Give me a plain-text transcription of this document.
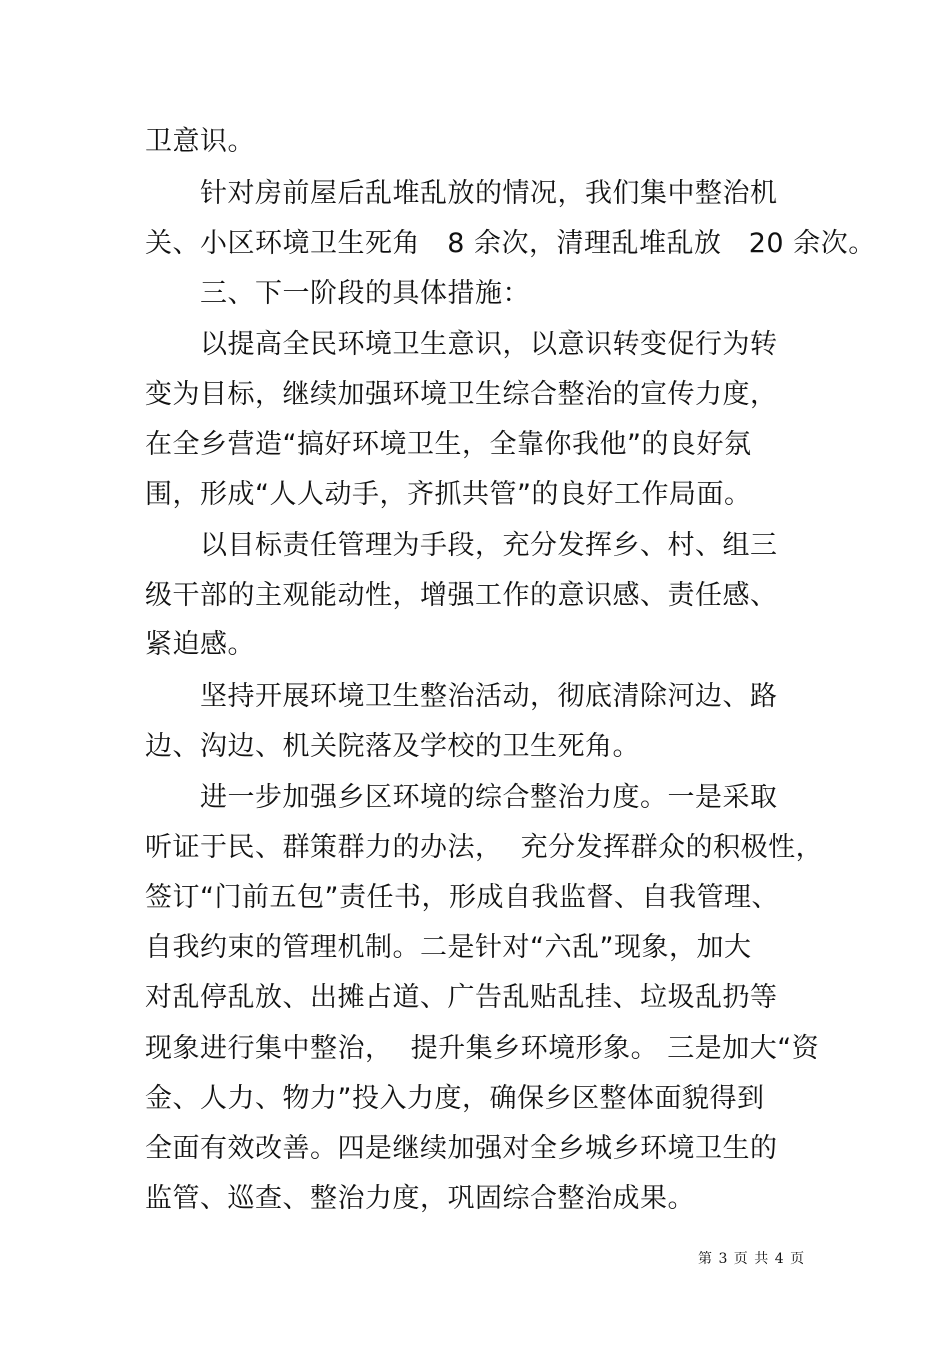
卫意识。
针对房前屋后乱堆乱放的情况，我们集中整治机
关、小区环境卫生死角   8 余次，清理乱堆乱放   20 余次。
三、下一阶段的具体措施：
以提高全民环境卫生意识，以意识转变促行为转
变为目标，继续加强环境卫生综合整治的宣传力度，
在全乡营造“搞好环境卫生，全靠你我他”的良好氛
围，形成“人人动手，齐抓共管”的良好工作局面。
以目标责任管理为手段，充分发挥乡、村、组三
级干部的主观能动性，增强工作的意识感、责任感、
紧迫感。
坚持开展环境卫生整治活动，彻底清除河边、路
边、沟边、机关院落及学校的卫生死角。
进一步加强乡区环境的综合整治力度。一是采取
听证于民、群策群力的办法，  充分发挥群众的积极性，
签订“门前五包”责任书，形成自我监督、自我管理、
自我约束的管理机制。二是针对“六乱”现象，加大
对乱停乱放、出摊占道、广告乱贴乱挂、垃圾乱扔等
现象进行集中整治，  提升集乡环境形象。 三是加大“资
金、人力、物力”投入力度，确保乡区整体面貌得到
全面有效改善。四是继续加强对全乡城乡环境卫生的
监管、巡查、整治力度，巩固综合整治成果。
第 3 页 共 4 页
